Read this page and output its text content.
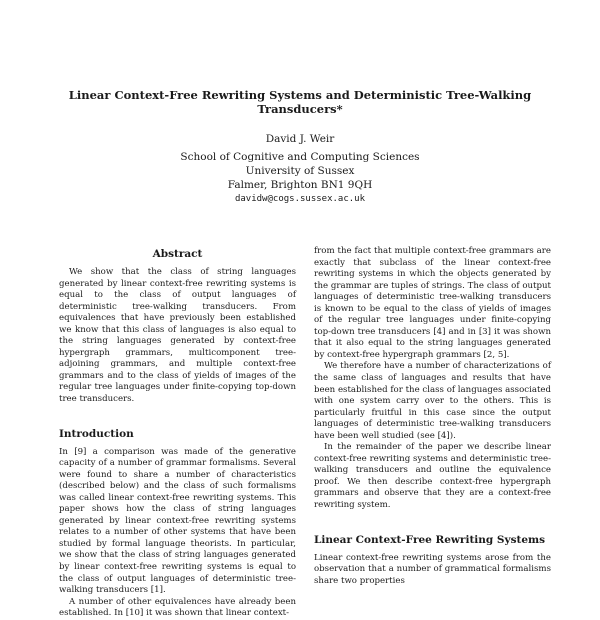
Linear Context-Free Rewriting Systems and Deterministic Tree-Walking Transducers*
David J. Weir
School of Cognitive and Computing Sciences
University of Sussex
Falmer, Brighton BN1 9QH
davidw@cogs.sussex.ac.uk
Abstract

We show that the class of string languages generated by linear context-free rewriting systems is equal to the class of output languages of deterministic tree-walking transducers. From equivalences that have previously been established we know that this class of languages is also equal to the string languages generated by context-free hypergraph grammars, multicomponent tree-adjoining grammars, and multiple context-free grammars and to the class of yields of images of the regular tree languages under finite-copying top-down tree transducers.

Introduction

In [9] a comparison was made of the generative capacity of a number of grammar formalisms. Several were found to share a number of characteristics (described below) and the class of such formalisms was called linear context-free rewriting systems. This paper shows how the class of string languages generated by linear context-free rewriting systems relates to a number of other systems that have been studied by formal language theorists. In particular, we show that the class of string languages generated by linear context-free rewriting systems is equal to the class of output languages of deterministic tree-walking transducers [1].

A number of other equivalences have already been established. In [10] it was shown that linear context-

from the fact that multiple context-free grammars are exactly that subclass of the linear context-free rewriting systems in which the objects generated by the grammar are tuples of strings. The class of output languages of deterministic tree-walking transducers is known to be equal to the class of yields of images of the regular tree languages under finite-copying top-down tree transducers [4] and in [3] it was shown that it also equal to the string languages generated by context-free hypergraph grammars [2, 5].

We therefore have a number of characterizations of the same class of languages and results that have been established for the class of languages associated with one system carry over to the others. This is particularly fruitful in this case since the output languages of deterministic tree-walking transducers have been well studied (see [4]).

In the remainder of the paper we describe linear context-free rewriting systems and deterministic tree-walking transducers and outline the equivalence proof. We then describe context-free hypergraph grammars and observe that they are a context-free rewriting system.

Linear Context-Free Rewriting Systems

Linear context-free rewriting systems arose from the observation that a number of grammatical formalisms share two properties
